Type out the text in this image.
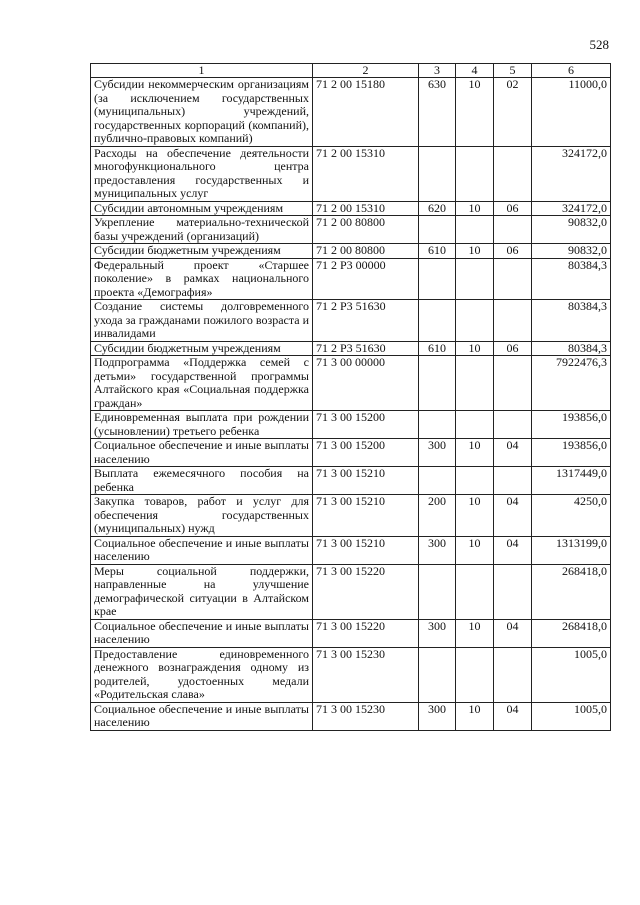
528
1	2	3	4	5	6
Субсидии некоммерческим организациям (за исключением государственных (муниципальных) учреждений, государственных корпораций (компаний), публично-правовых компаний)	71 2 00 15180	630	10	02	11000,0
Расходы на обеспечение деятельности многофункционального центра предоставления государственных и муниципальных услуг	71 2 00 15310				324172,0
Субсидии автономным учреждениям	71 2 00 15310	620	10	06	324172,0
Укрепление материально-технической базы учреждений (организаций)	71 2 00 80800				90832,0
Субсидии бюджетным учреждениям	71 2 00 80800	610	10	06	90832,0
Федеральный проект «Старшее поколение» в рамках национального проекта «Демография»	71 2 P3 00000				80384,3
Создание системы долговременного ухода за гражданами пожилого возраста и инвалидами	71 2 P3 51630				80384,3
Субсидии бюджетным учреждениям	71 2 P3 51630	610	10	06	80384,3
Подпрограмма «Поддержка семей с детьми» государственной программы Алтайского края «Социальная поддержка граждан»	71 3 00 00000				7922476,3
Единовременная выплата при рождении (усыновлении) третьего ребенка	71 3 00 15200				193856,0
Социальное обеспечение и иные выплаты населению	71 3 00 15200	300	10	04	193856,0
Выплата ежемесячного пособия на ребенка	71 3 00 15210				1317449,0
Закупка товаров, работ и услуг для обеспечения государственных (муниципальных) нужд	71 3 00 15210	200	10	04	4250,0
Социальное обеспечение и иные выплаты населению	71 3 00 15210	300	10	04	1313199,0
Меры социальной поддержки, направленные на улучшение демографической ситуации в Алтайском крае	71 3 00 15220				268418,0
Социальное обеспечение и иные выплаты населению	71 3 00 15220	300	10	04	268418,0
Предоставление единовременного денежного вознаграждения одному из родителей, удостоенных медали «Родительская слава»	71 3 00 15230				1005,0
Социальное обеспечение и иные выплаты населению	71 3 00 15230	300	10	04	1005,0
